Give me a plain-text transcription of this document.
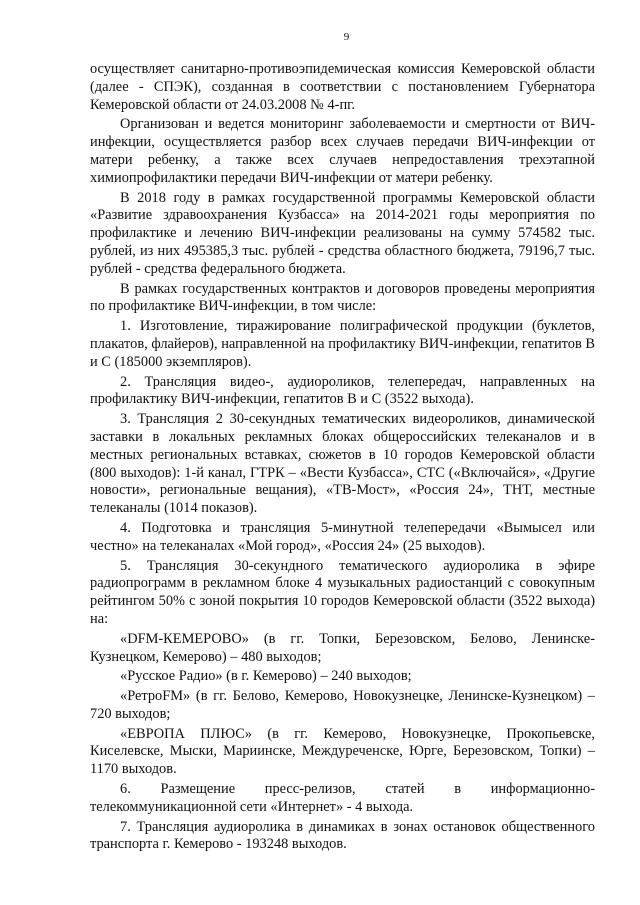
9

осуществляет санитарно-противоэпидемическая комиссия Кемеровской области (далее - СПЭК), созданная в соответствии с постановлением Губернатора Кемеровской области от 24.03.2008 № 4-пг.

Организован и ведется мониторинг заболеваемости и смертности от ВИЧ-инфекции, осуществляется разбор всех случаев передачи ВИЧ-инфекции от матери ребенку, а также всех случаев непредоставления трехэтапной химиопрофилактики передачи ВИЧ-инфекции от матери ребенку.

В 2018 году в рамках государственной программы Кемеровской области «Развитие здравоохранения Кузбасса» на 2014-2021 годы мероприятия по профилактике и лечению ВИЧ-инфекции реализованы на сумму 574582 тыс. рублей, из них 495385,3 тыс. рублей - средства областного бюджета, 79196,7 тыс. рублей - средства федерального бюджета.

В рамках государственных контрактов и договоров проведены мероприятия по профилактике ВИЧ-инфекции, в том числе:

1. Изготовление, тиражирование полиграфической продукции (буклетов, плакатов, флайеров), направленной на профилактику ВИЧ-инфекции, гепатитов В и С (185000 экземпляров).

2. Трансляция видео-, аудиороликов, телепередач, направленных на профилактику ВИЧ-инфекции, гепатитов В и С (3522 выхода).

3. Трансляция 2 30-секундных тематических видеороликов, динамической заставки в локальных рекламных блоках общероссийских телеканалов и в местных региональных вставках, сюжетов в 10 городов Кемеровской области (800 выходов): 1-й канал, ГТРК – «Вести Кузбасса», СТС («Включайся», «Другие новости», региональные вещания), «ТВ-Мост», «Россия 24», ТНТ, местные телеканалы (1014 показов).

4. Подготовка и трансляция 5-минутной телепередачи «Вымысел или честно» на телеканалах «Мой город», «Россия 24» (25 выходов).

5. Трансляция 30-секундного тематического аудиоролика в эфире радиопрограмм в рекламном блоке 4 музыкальных радиостанций с совокупным рейтингом 50% с зоной покрытия 10 городов Кемеровской области (3522 выхода) на:

«DFM-КЕМЕРОВО» (в гг. Топки, Березовском, Белово, Ленинске-Кузнецком, Кемерово) – 480 выходов;

«Русское Радио» (в г. Кемерово) – 240 выходов;

«РетроFM» (в гг. Белово, Кемерово, Новокузнецке, Ленинске-Кузнецком) – 720 выходов;

«ЕВРОПА ПЛЮС» (в гг. Кемерово, Новокузнецке, Прокопьевске, Киселевске, Мыски, Мариинске, Междуреченске, Юрге, Березовском, Топки) – 1170 выходов.

6. Размещение пресс-релизов, статей в информационно-телекоммуникационной сети «Интернет» - 4 выхода.

7. Трансляция аудиоролика в динамиках в зонах остановок общественного транспорта г. Кемерово - 193248 выходов.
